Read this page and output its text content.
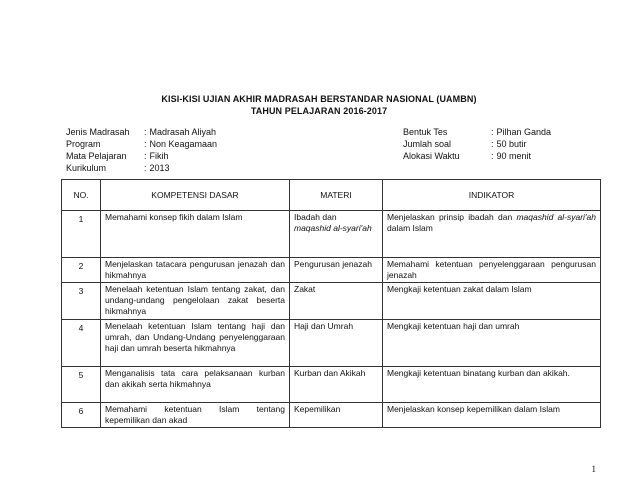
KISI-KISI UJIAN AKHIR MADRASAH BERSTANDAR NASIONAL (UAMBN)
TAHUN PELAJARAN 2016-2017
Jenis Madrasah	: Madrasah Aliyah
Program	: Non Keagamaan
Mata Pelajaran	: Fikih
Kurikulum	: 2013
Bentuk Tes	: Pilhan Ganda
Jumlah soal	: 50 butir
Alokasi Waktu	: 90 menit
NO.	KOMPETENSI DASAR	MATERI	INDIKATOR
1	Memahami konsep fikih dalam Islam	Ibadah dan
maqashid al-syari'ah	Menjelaskan prinsip ibadah dan maqashid al-syari'ah dalam Islam
2	Menjelaskan tatacara pengurusan jenazah dan hikmahnya	Pengurusan jenazah	Memahami ketentuan penyelenggaraan pengurusan jenazah
3	Menelaah ketentuan Islam tentang zakat, dan undang-undang pengelolaan zakat beserta hikmahnya	Zakat	Mengkaji ketentuan zakat dalam Islam
4	Menelaah ketentuan Islam tentang haji dan umrah, dan Undang-Undang penyelenggaraan haji dan umrah beserta hikmahnya	Haji dan Umrah	Mengkaji ketentuan haji dan umrah
5	Menganalisis tata cara pelaksanaan kurban dan akikah serta hikmahnya	Kurban dan Akikah	Mengkaji ketentuan binatang kurban dan akikah.
6	Memahami ketentuan Islam tentang kepemilikan dan akad	Kepemilikan	Menjelaskan konsep kepemilikan dalam Islam
1
